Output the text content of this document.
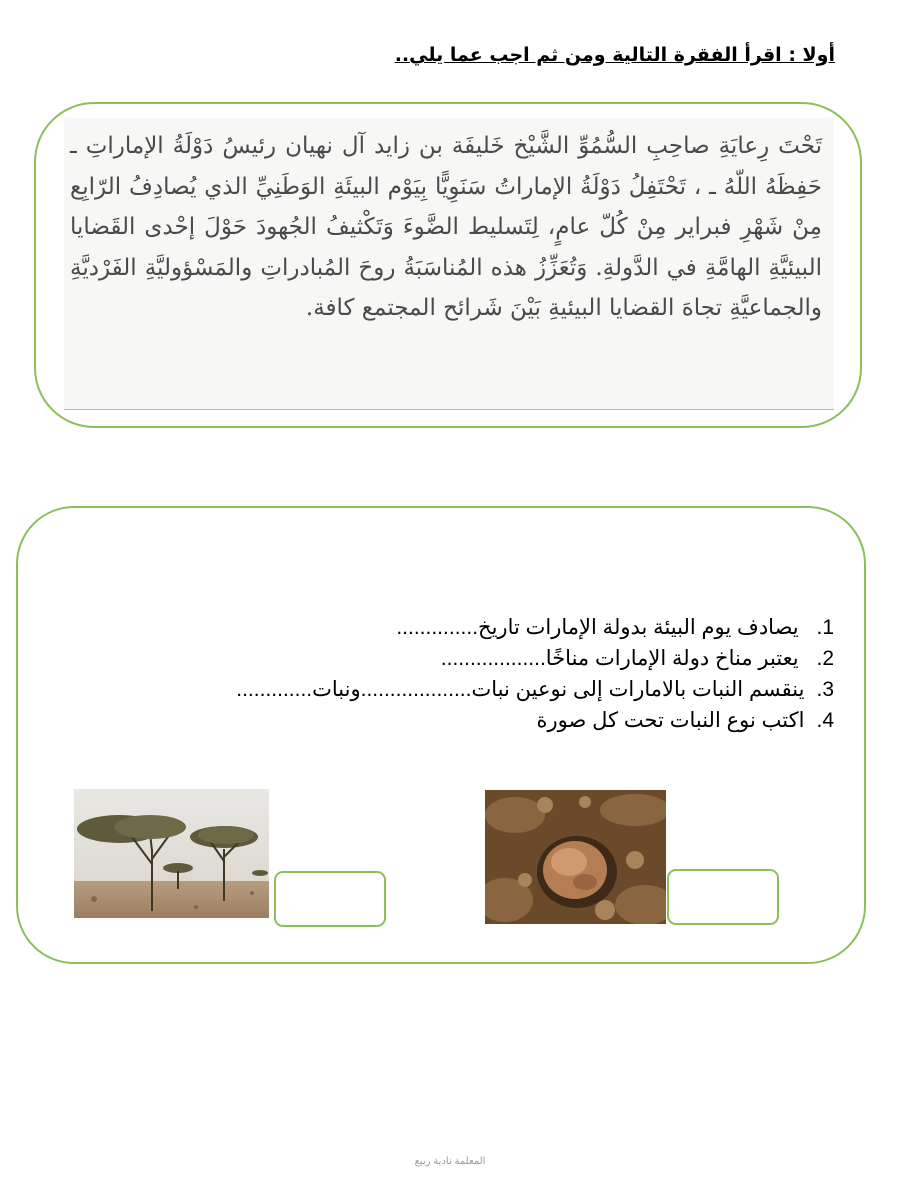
أولا : اقرأ الفقرة التالية ومن ثم اجب عما يلي..
تَحْتَ رِعايَةِ صاحِبِ السُّمُوِّ الشَّيْخ خَليفَة بن زايد آل نهيان رئيسُ دَوْلَةُ الإماراتِ ـ حَفِظَهُ اللّهُ ـ ، تَحْتَفِلُ دَوْلَةُ الإماراتُ سَنَوِيًّا بِيَوْم البيئَةِ الوَطَنِيِّ الذي يُصادِفُ الرّابِع مِنْ شَهْرِ فبراير مِنْ كُلّ عامٍ، لِتَسليط الضَّوءَ وَتَكْثيفُ الجُهودَ حَوْلَ إحْدى القَضايا البيئيَّةِ الهامَّةِ في الدَّولةِ. وَتُعَزِّزُ هذه المُناسَبَةُ روحَ المُبادراتِ والمَسْؤوليَّةِ الفَرْديَّةِ والجماعيَّةِ تجاهَ القضايا البيئيةِ بَيْنَ شَرائح المجتمع كافة.
1. يصادف يوم البيئة بدولة الإمارات تاريخ..............
2. يعتبر مناخ دولة الإمارات مناخًا..................
3.ينقسم النبات بالامارات إلى نوعين نبات...................ونبات.............
4.اكتب نوع النبات تحت كل صورة
المعلمة نادية ربيع
